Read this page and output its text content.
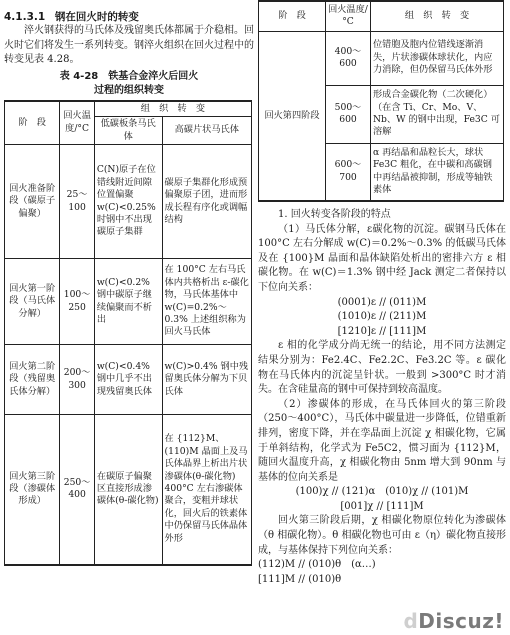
4.1.3.1 钢在回火时的转变

淬火钢获得的马氏体及残留奥氏体都属于介稳相。回火时它们将发生一系列转变。钢淬火组织在回火过程中的转变见表 4.28。

表 4-28　铁基合金淬火后回火
过程的组织转变
阶　段	回火温度/°C	组　织　转　变	
		低碳板条马氏体	高碳片状马氏体
回火准备阶段（碳原子偏聚）	25～100	C(N)原子在位错线附近间隙位置偏聚　w(C)<0.25% 时钢中不出现碳原子集群	碳原子集群化形成预偏聚原子团，进而形成长程有序化或调幅结构
回火第一阶段（马氏体分解）	100～250	w(C)<0.2% 钢中碳原子继续偏聚而不析出	在 100°C 左右马氏体内共格析出 ε-碳化物，马氏体基体中 w(C)=0.2%～0.3% 上述组织称为回火马氏体
回火第二阶段（残留奥氏体分解）	200～300	w(C)<0.4% 钢中几乎不出现残留奥氏体	w(C)>0.4% 钢中残留奥氏体分解为下贝氏体
回火第三阶段（渗碳体形成）	250～400	在碳原子偏聚区直接形成渗碳体(θ-碳化物)	在 {112}M、(110)M 晶面上及马氏体晶界上析出片状渗碳体(θ-碳化物)　400°C 左右渗碳体聚合，变粗并球状化，回火后的铁素体中仍保留马氏体晶体外形
阶　段	回火温度/°C	组　织　转　变
回火第四阶段	400～600	位错胞及胞内位错线逐渐消失，片状渗碳体球状化，内应力消除，但仍保留马氏体外形
	500～600	形成合金碳化物（二次硬化）（在含 Ti、Cr、Mo、V、Nb、W 的钢中出现，Fe3C 可溶解
	600～700	α 再结晶和晶粒长大，球状 Fe3C 粗化，在中碳和高碳钢中再结晶被抑制，形成等轴铁素体

1. 回火转变各阶段的特点

（1）马氏体分解，ε碳化物的沉淀。碳钢马氏体在 100°C 左右分解成 w(C)＝0.2%～0.3% 的低碳马氏体及在 {100}M 晶面和晶体缺陷处析出的密排六方 ε 相碳化物。在 w(C)＝1.3% 钢中经 Jack 测定二者保持以下位向关系：

(0001)ε // (011)M
(1010)ε // (211)M
[1210]ε // [111]M

ε 相的化学成分尚无统一的结论，用不同方法测定结果分别为：Fe2.4C、Fe2.2C、Fe3.2C 等。ε 碳化物在马氏体内的沉淀呈针状。一般到 >300°C 时才消失。在含硅量高的钢中可保持到较高温度。

（2）渗碳体的形成，在马氏体回火的第三阶段（250～400°C），马氏体中碳量进一步降低，位错重新排列，密度下降，并在孪晶面上沉淀 χ 相碳化物，它属于单斜结构，化学式为 Fe5C2，惯习面为 {112}M，随回火温度升高，χ 相碳化物由 5nm 增大到 90nm 与基体的位向关系是

(100)χ // (121)α　(010)χ // (101)M
[001]χ // [111]M

回火第三阶段后期，χ 相碳化物原位转化为渗碳体（θ 相碳化物）。θ 相碳化物也可由 ε（η）碳化物直接形成，与基体保持下列位向关系：

(112)M // (010)θ　(α…)
[111]M // (010)θ
dDiscuz!
